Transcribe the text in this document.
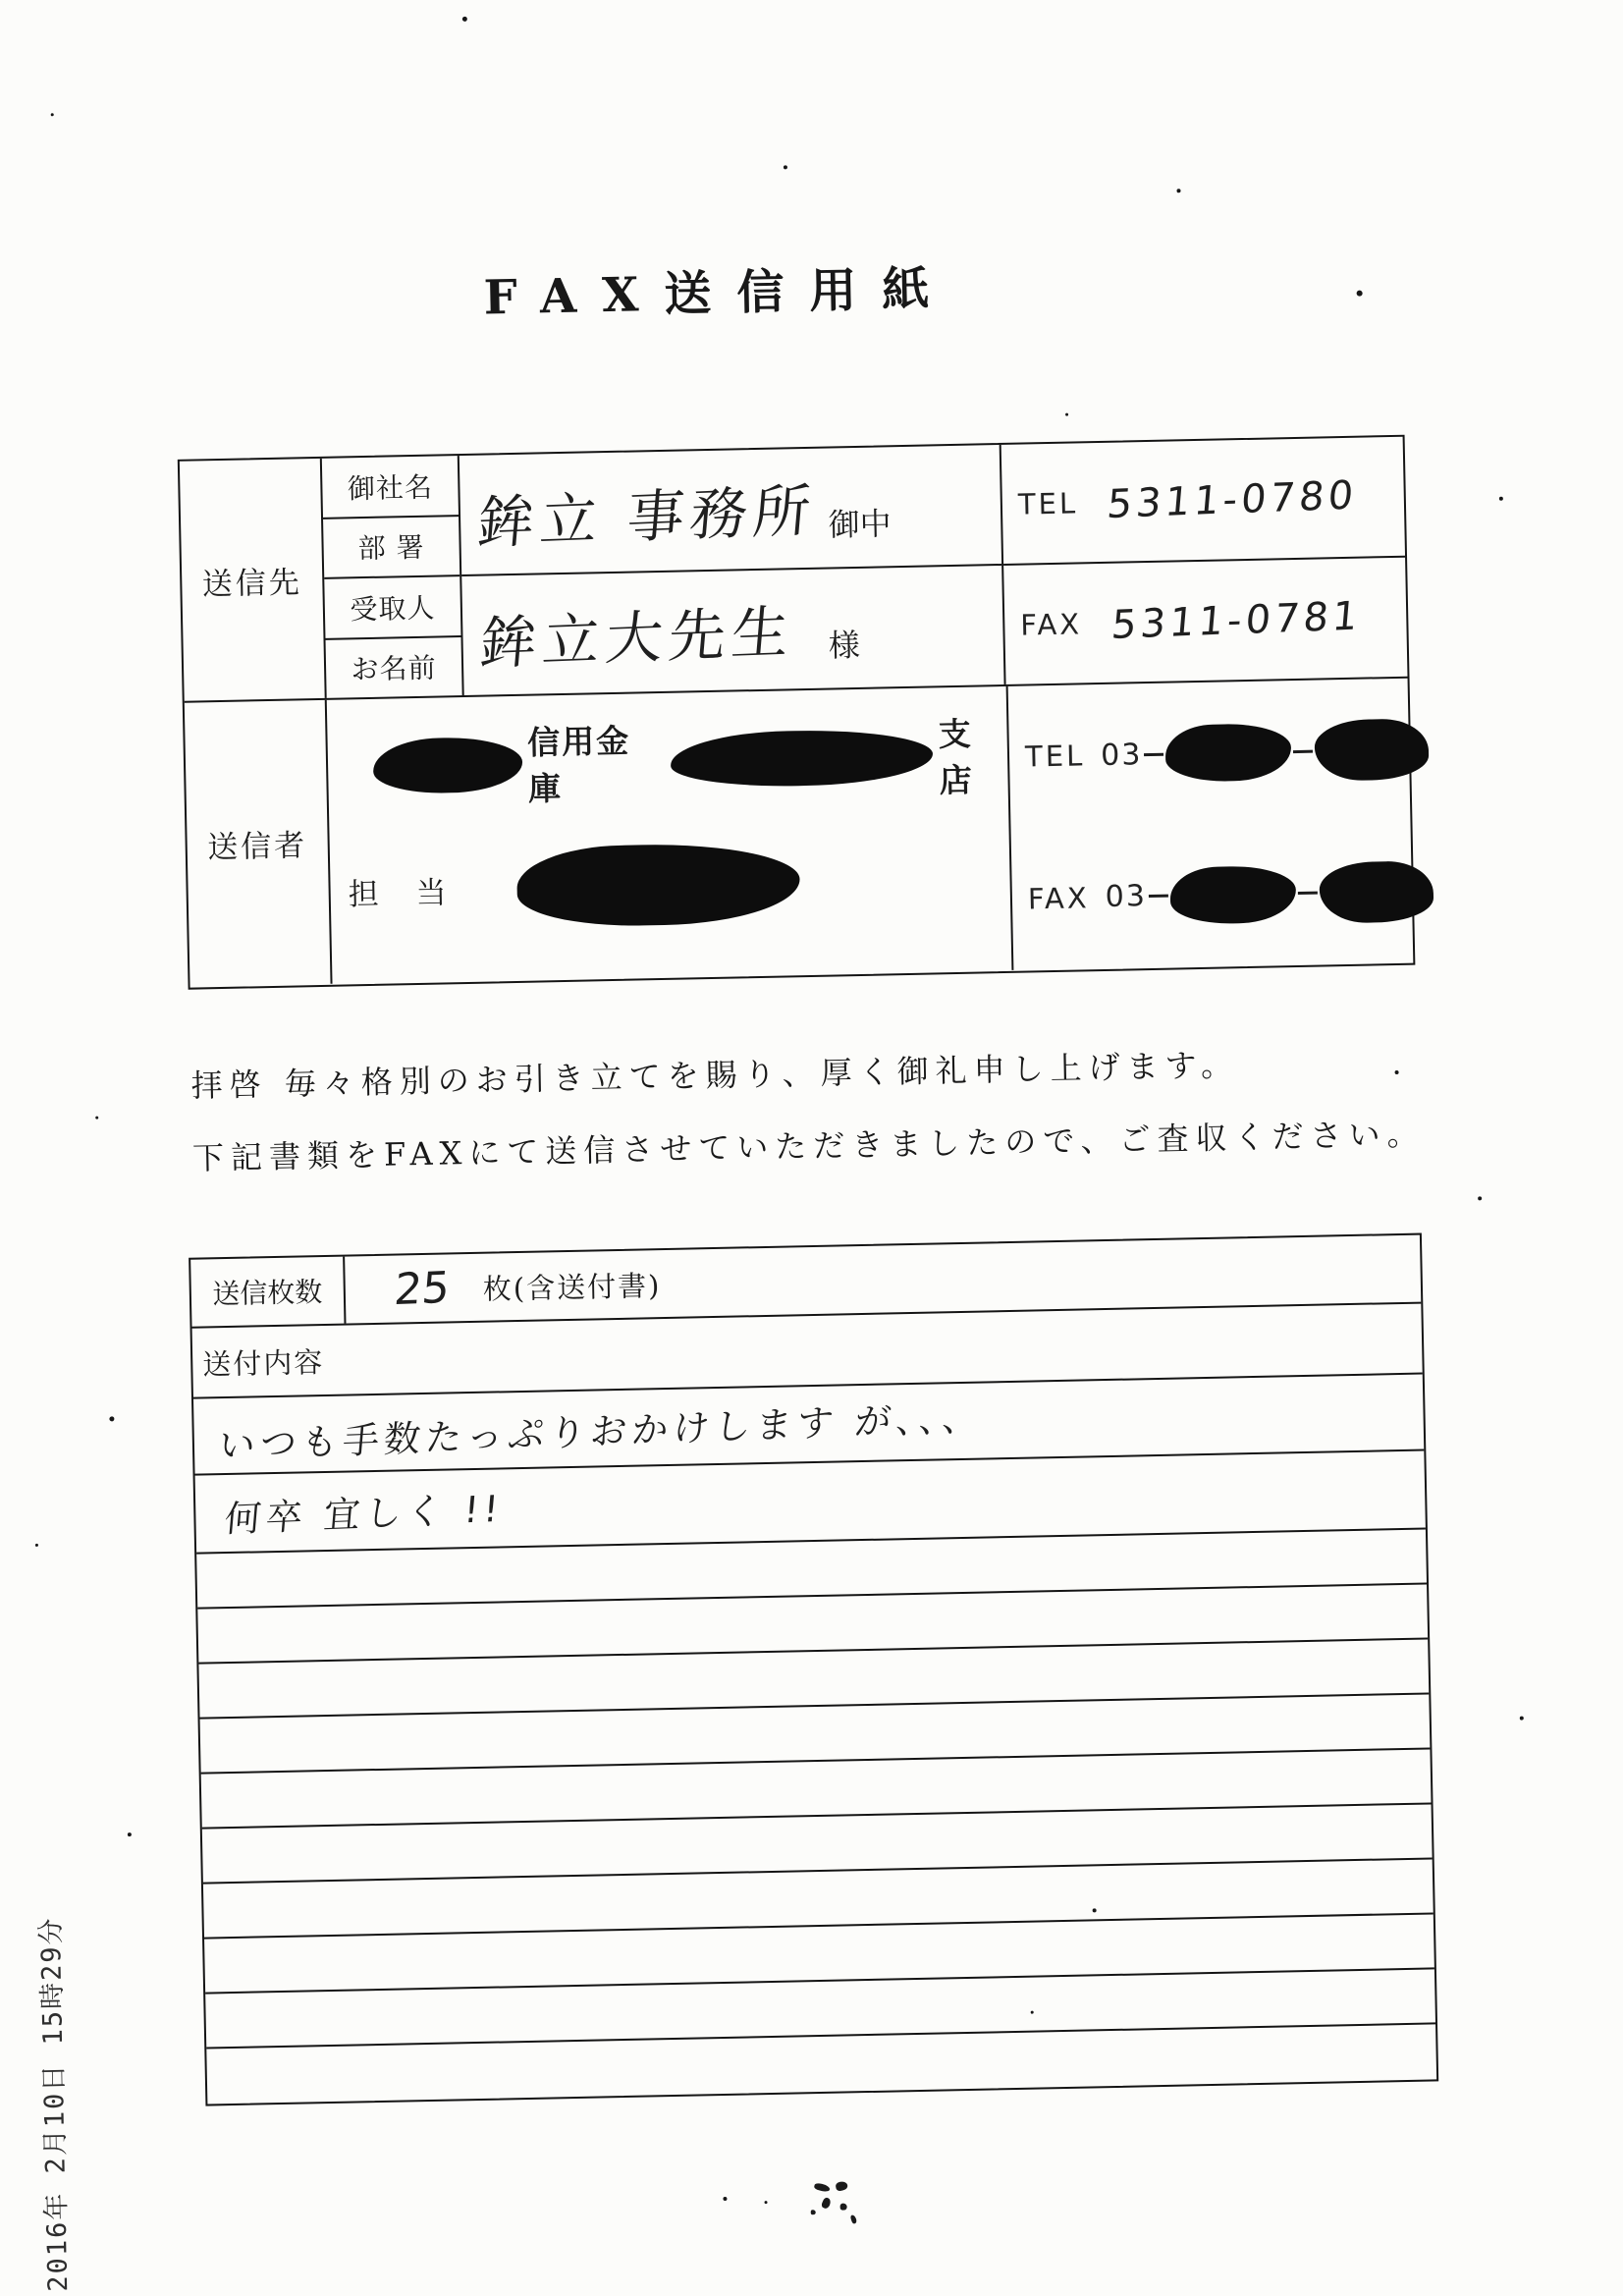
FAX送信用紙
送信先
御社名
部 署
受取人
お名前
鉾立 事務所 御中
鉾立大先生 様
TEL 5311-0780
FAX 5311-0781
送信者
信用金庫
支店
担 当
TEL 03
FAX 03
拝啓 毎々格別のお引き立てを賜り、厚く御礼申し上げます。
下記書類をFAXにて送信させていただきましたので、ご査収ください。
送信枚数	25 枚(含送付書)
送付内容
いつも手数たっぷりおかけします が、、、
何卒 宜しく !!
2016年 2月10日 15時29分
